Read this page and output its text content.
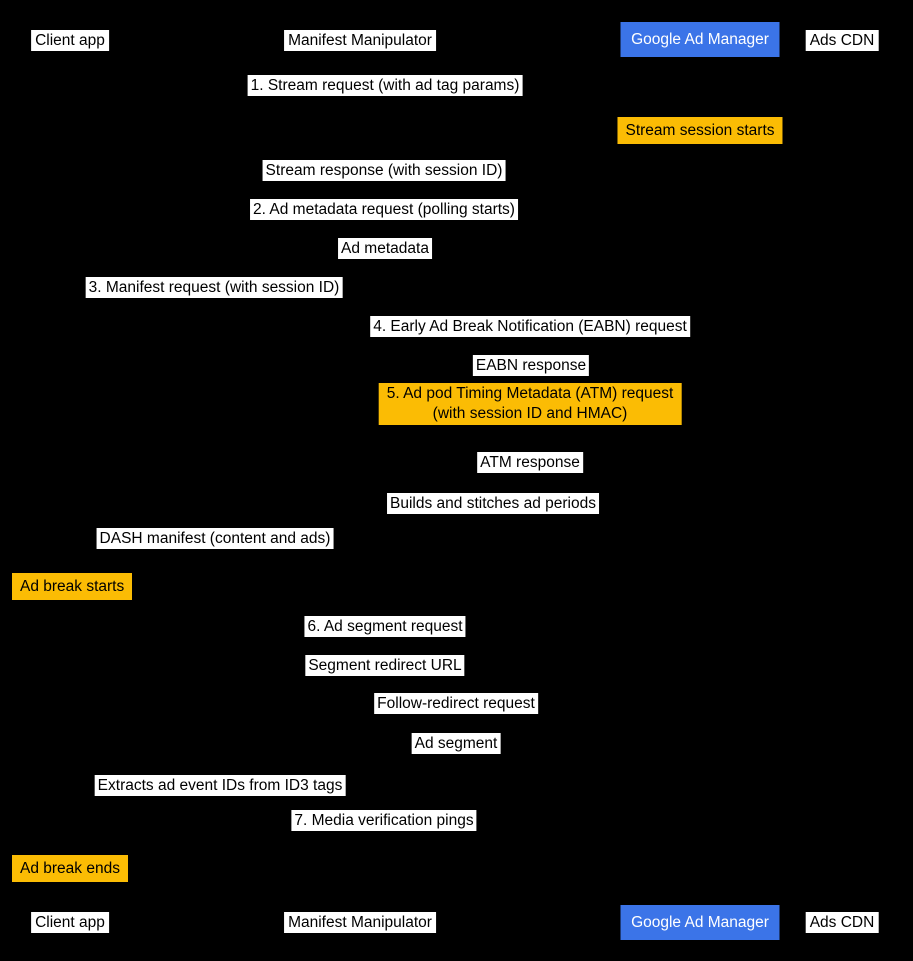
Client app	Manifest Manipulator	Google Ad Manager	Ads CDN
1. Stream request (with ad tag params)
Stream session starts
Stream response (with session ID)
2. Ad metadata request (polling starts)
Ad metadata
3. Manifest request (with session ID)
4. Early Ad Break Notification (EABN) request
EABN response
5. Ad pod Timing Metadata (ATM) request
(with session ID and HMAC)
ATM response
Builds and stitches ad periods
DASH manifest (content and ads)
Ad break starts
6. Ad segment request
Segment redirect URL
Follow-redirect request
Ad segment
Extracts ad event IDs from ID3 tags
7. Media verification pings
Ad break ends
Client app	Manifest Manipulator	Google Ad Manager	Ads CDN
